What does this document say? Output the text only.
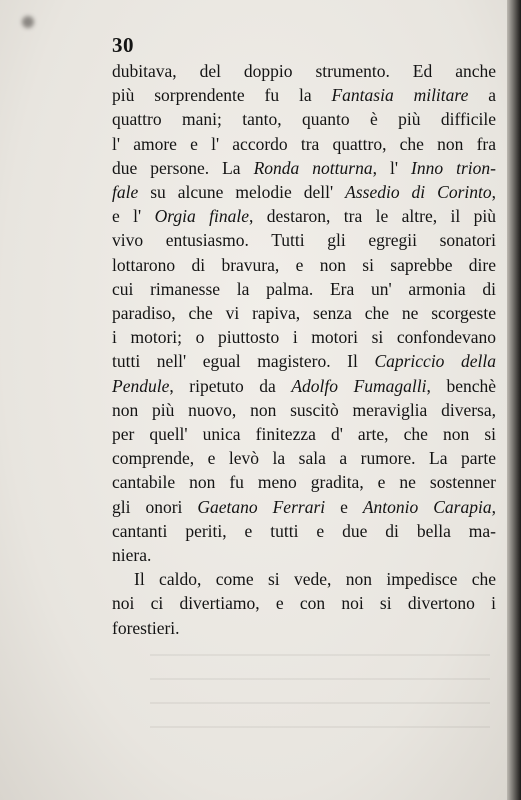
30
dubitava, del doppio strumento. Ed anche
più sorprendente fu la Fantasia militare a
quattro mani; tanto, quanto è più difficile
l' amore e l' accordo tra quattro, che non fra
due persone. La Ronda notturna, l' Inno trion-
fale su alcune melodie dell' Assedio di Corinto,
e l' Orgia finale, destaron, tra le altre, il più
vivo entusiasmo. Tutti gli egregii sonatori
lottarono di bravura, e non si saprebbe dire
cui rimanesse la palma. Era un' armonia di
paradiso, che vi rapiva, senza che ne scorgeste
i motori; o piuttosto i motori si confondevano
tutti nell' egual magistero. Il Capriccio della
Pendule, ripetuto da Adolfo Fumagalli, benchè
non più nuovo, non suscitò meraviglia diversa,
per quell' unica finitezza d' arte, che non si
comprende, e levò la sala a rumore. La parte
cantabile non fu meno gradita, e ne sostenner
gli onori Gaetano Ferrari e Antonio Carapia,
cantanti periti, e tutti e due di bella ma-
niera.
Il caldo, come si vede, non impedisce che
noi ci divertiamo, e con noi si divertono i
forestieri.
